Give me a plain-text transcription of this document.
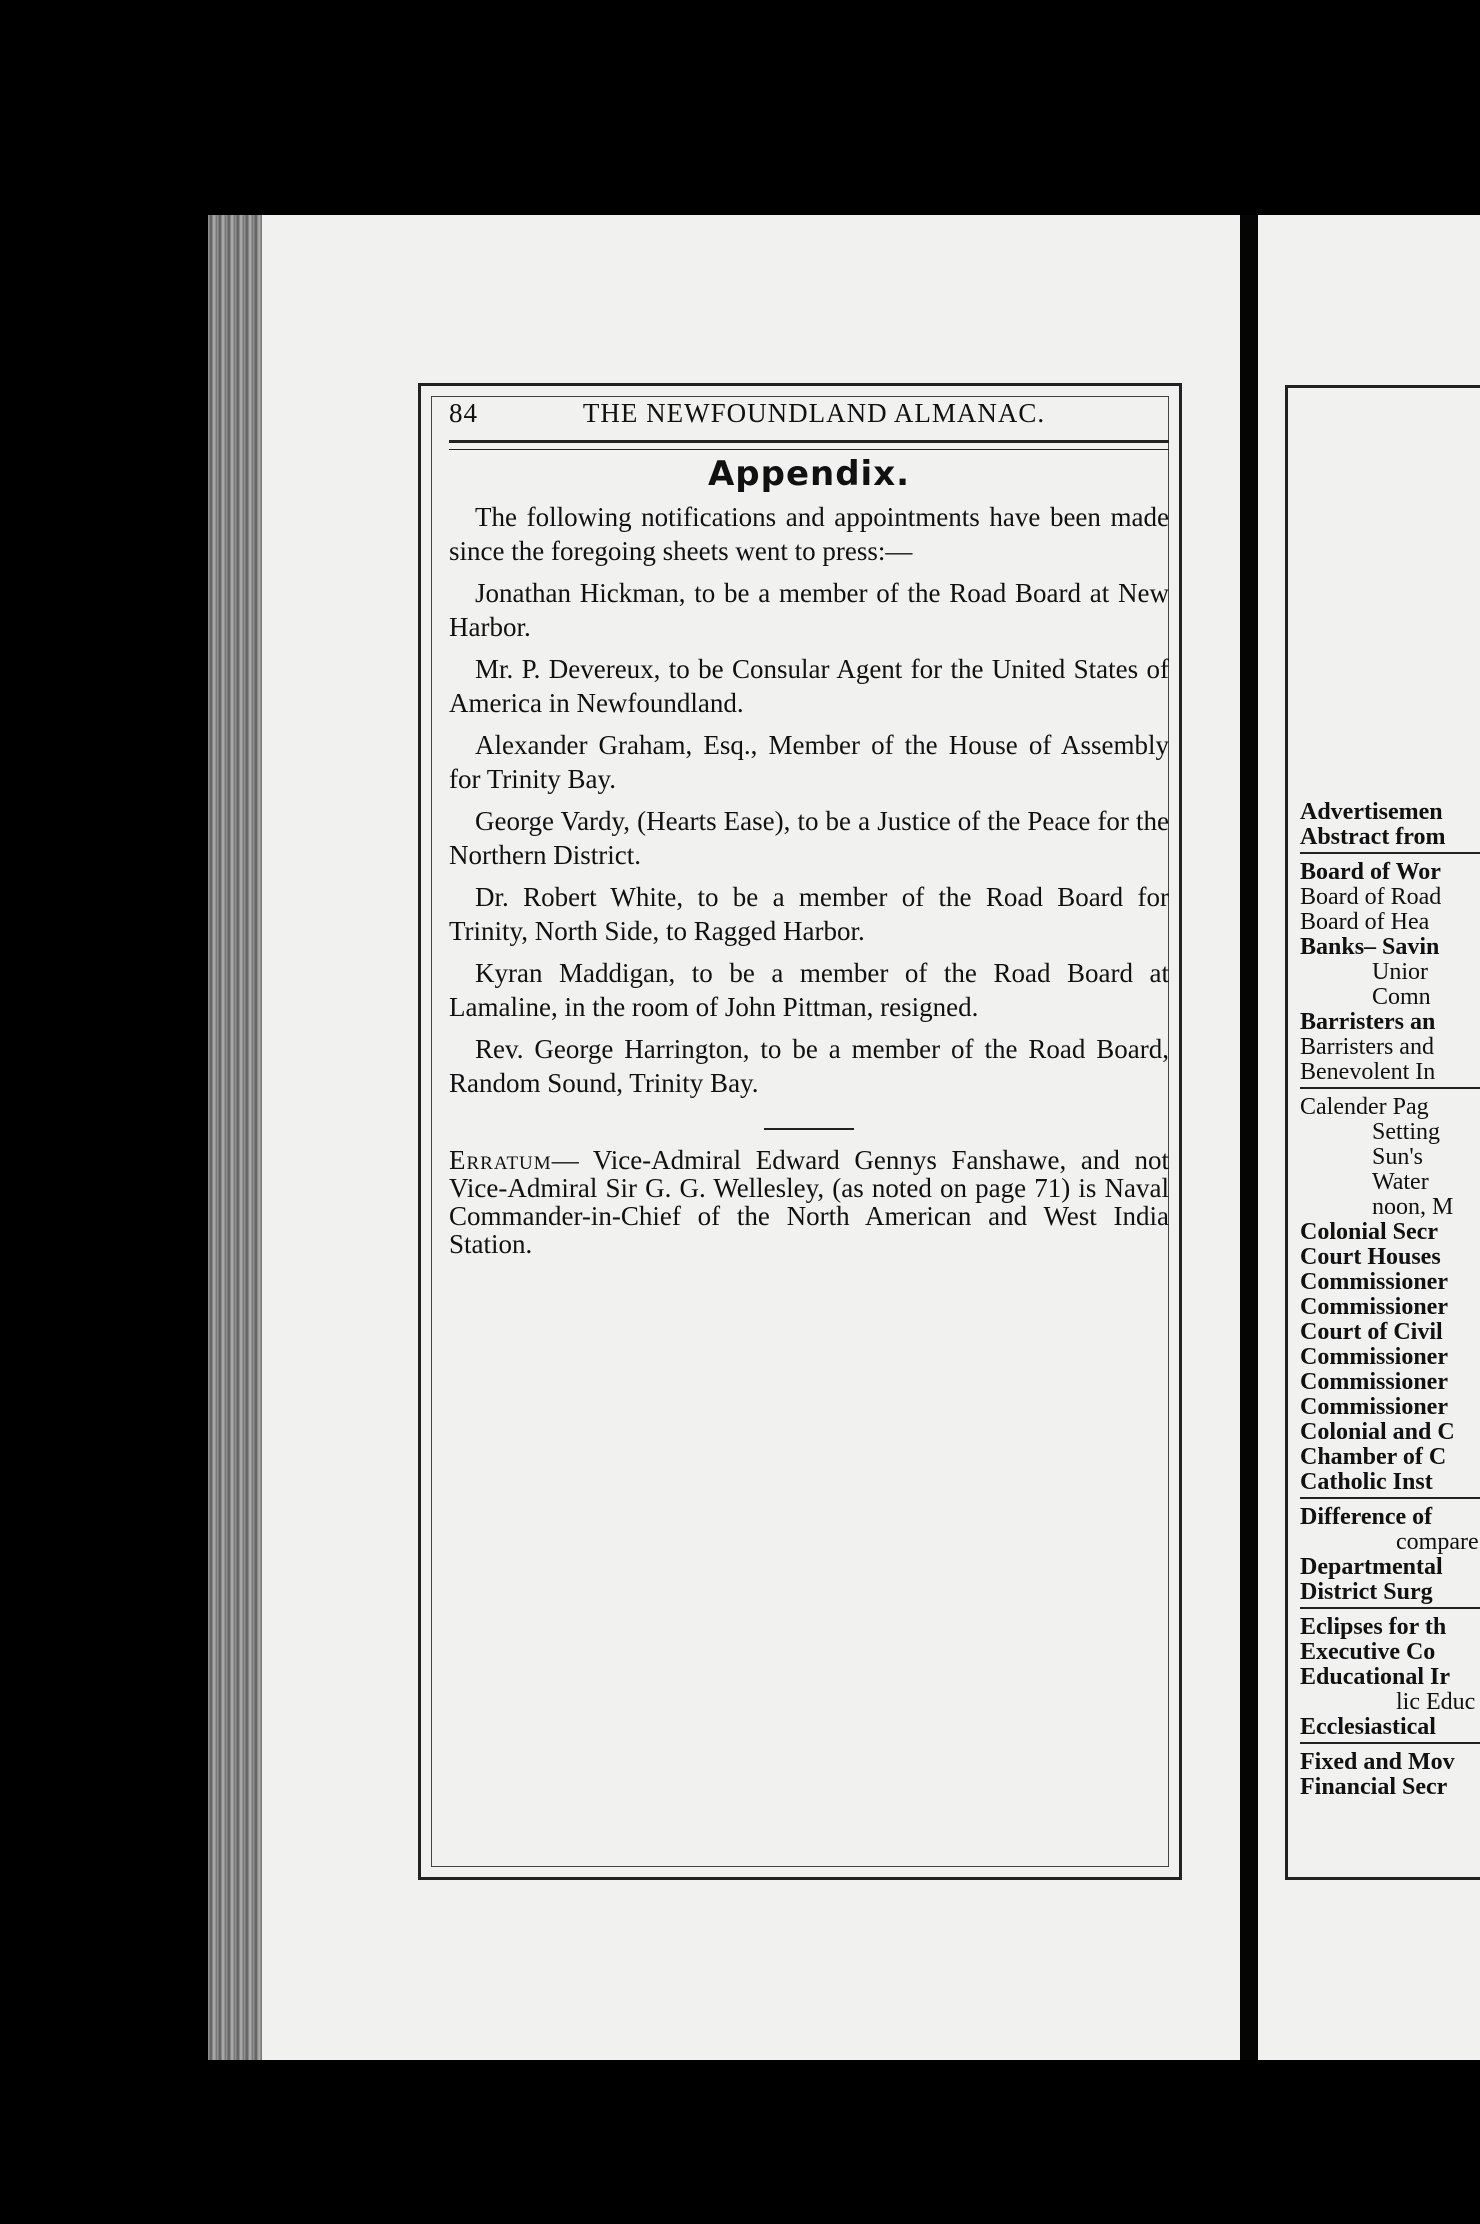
84	THE NEWFOUNDLAND ALMANAC.
Appendix.

The following notifications and appointments have been made since the foregoing sheets went to press:—

Jonathan Hickman, to be a member of the Road Board at New Harbor.

Mr. P. Devereux, to be Consular Agent for the United States of America in Newfoundland.

Alexander Graham, Esq., Member of the House of Assembly for Trinity Bay.

George Vardy, (Hearts Ease), to be a Justice of the Peace for the Northern District.

Dr. Robert White, to be a member of the Road Board for Trinity, North Side, to Ragged Harbor.

Kyran Maddigan, to be a member of the Road Board at Lamaline, in the room of John Pittman, resigned.

Rev. George Harrington, to be a member of the Road Board, Random Sound, Trinity Bay.

Erratum— Vice-Admiral Edward Gennys Fanshawe, and not Vice-Admiral Sir G. G. Wellesley, (as noted on page 71) is Naval Commander-in-Chief of the North American and West India Station.

Advertisemen
Abstract from
Board of Wor
Board of Road
Board of Hea
Banks– Savin
Unior
Comn
Barristers an
Barristers and
Benevolent In
Calender Pag
Setting
Sun's
Water
noon, M
Colonial Secr
Court Houses
Commissioner
Commissioner
Court of Civil
Commissioner
Commissioner
Commissioner
Colonial and C
Chamber of C
Catholic Inst
Difference of
compare
Departmental
District Surg
Eclipses for th
Executive Co
Educational Ir
lic Educ
Ecclesiastical
Fixed and Mov
Financial Secr
